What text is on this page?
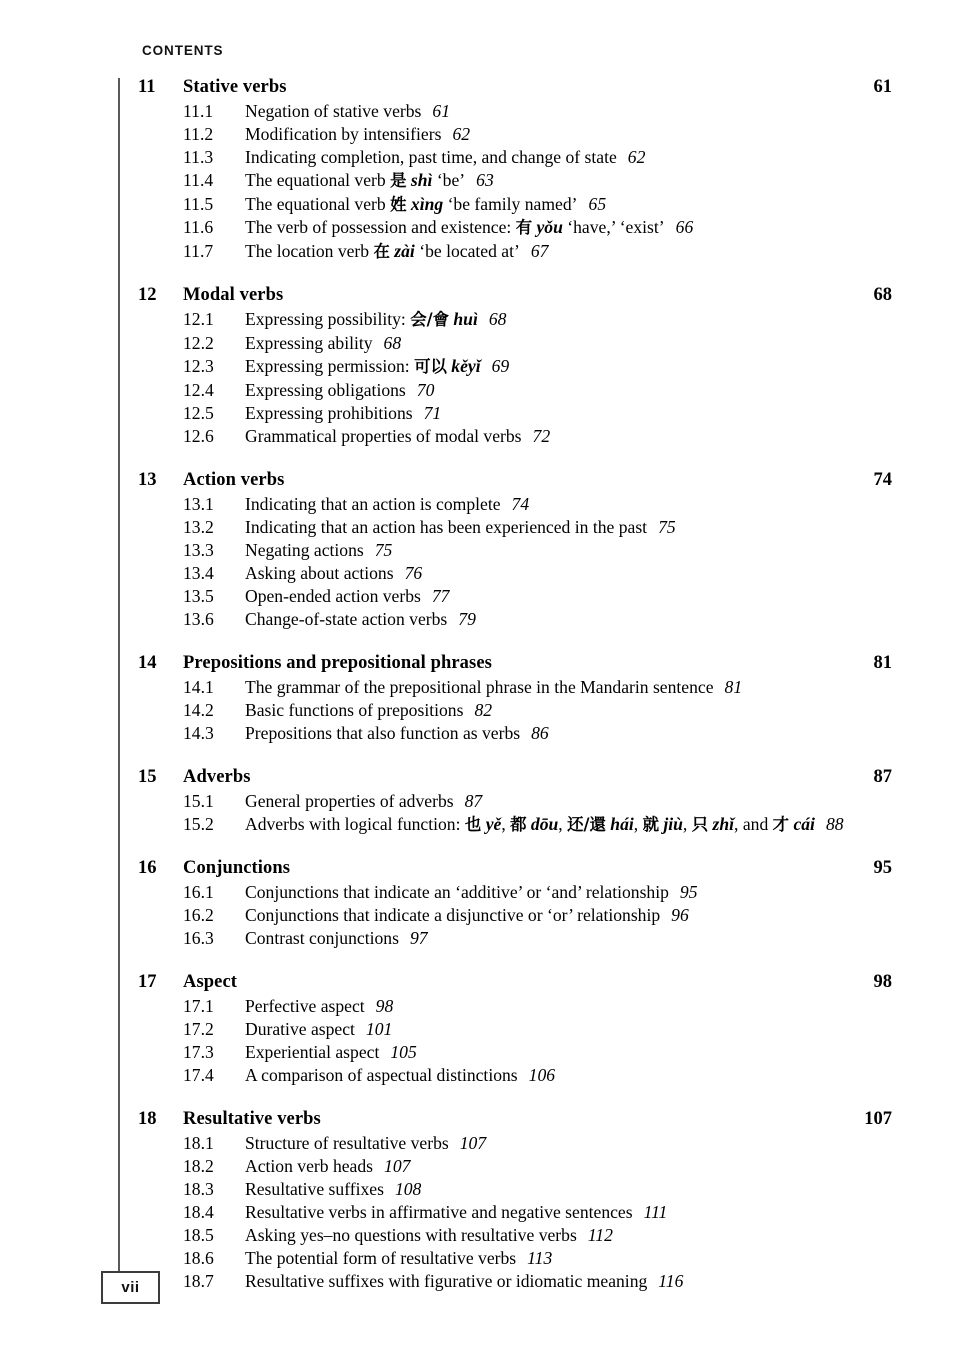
CONTENTS
11	Stative verbs	61
11.1	Negation of stative verbs 61
11.2	Modification by intensifiers 62
11.3	Indicating completion, past time, and change of state 62
11.4	The equational verb 是 shì ‘be’ 63
11.5	The equational verb 姓 xìng ‘be family named’ 65
11.6	The verb of possession and existence: 有 yǒu ‘have,’ ‘exist’ 66
11.7	The location verb 在 zài ‘be located at’ 67
12	Modal verbs	68
12.1	Expressing possibility: 会/會 huì 68
12.2	Expressing ability 68
12.3	Expressing permission: 可以 kěyǐ 69
12.4	Expressing obligations 70
12.5	Expressing prohibitions 71
12.6	Grammatical properties of modal verbs 72
13	Action verbs	74
13.1	Indicating that an action is complete 74
13.2	Indicating that an action has been experienced in the past 75
13.3	Negating actions 75
13.4	Asking about actions 76
13.5	Open-ended action verbs 77
13.6	Change-of-state action verbs 79
14	Prepositions and prepositional phrases	81
14.1	The grammar of the prepositional phrase in the Mandarin sentence 81
14.2	Basic functions of prepositions 82
14.3	Prepositions that also function as verbs 86
15	Adverbs	87
15.1	General properties of adverbs 87
15.2	Adverbs with logical function: 也 yě, 都 dōu, 还/還 hái, 就 jiù, 只 zhǐ, and 才 cái 88
16	Conjunctions	95
16.1	Conjunctions that indicate an ‘additive’ or ‘and’ relationship 95
16.2	Conjunctions that indicate a disjunctive or ‘or’ relationship 96
16.3	Contrast conjunctions 97
17	Aspect	98
17.1	Perfective aspect 98
17.2	Durative aspect 101
17.3	Experiential aspect 105
17.4	A comparison of aspectual distinctions 106
18	Resultative verbs	107
18.1	Structure of resultative verbs 107
18.2	Action verb heads 107
18.3	Resultative suffixes 108
18.4	Resultative verbs in affirmative and negative sentences 111
18.5	Asking yes–no questions with resultative verbs 112
18.6	The potential form of resultative verbs 113
18.7	Resultative suffixes with figurative or idiomatic meaning 116
vii
